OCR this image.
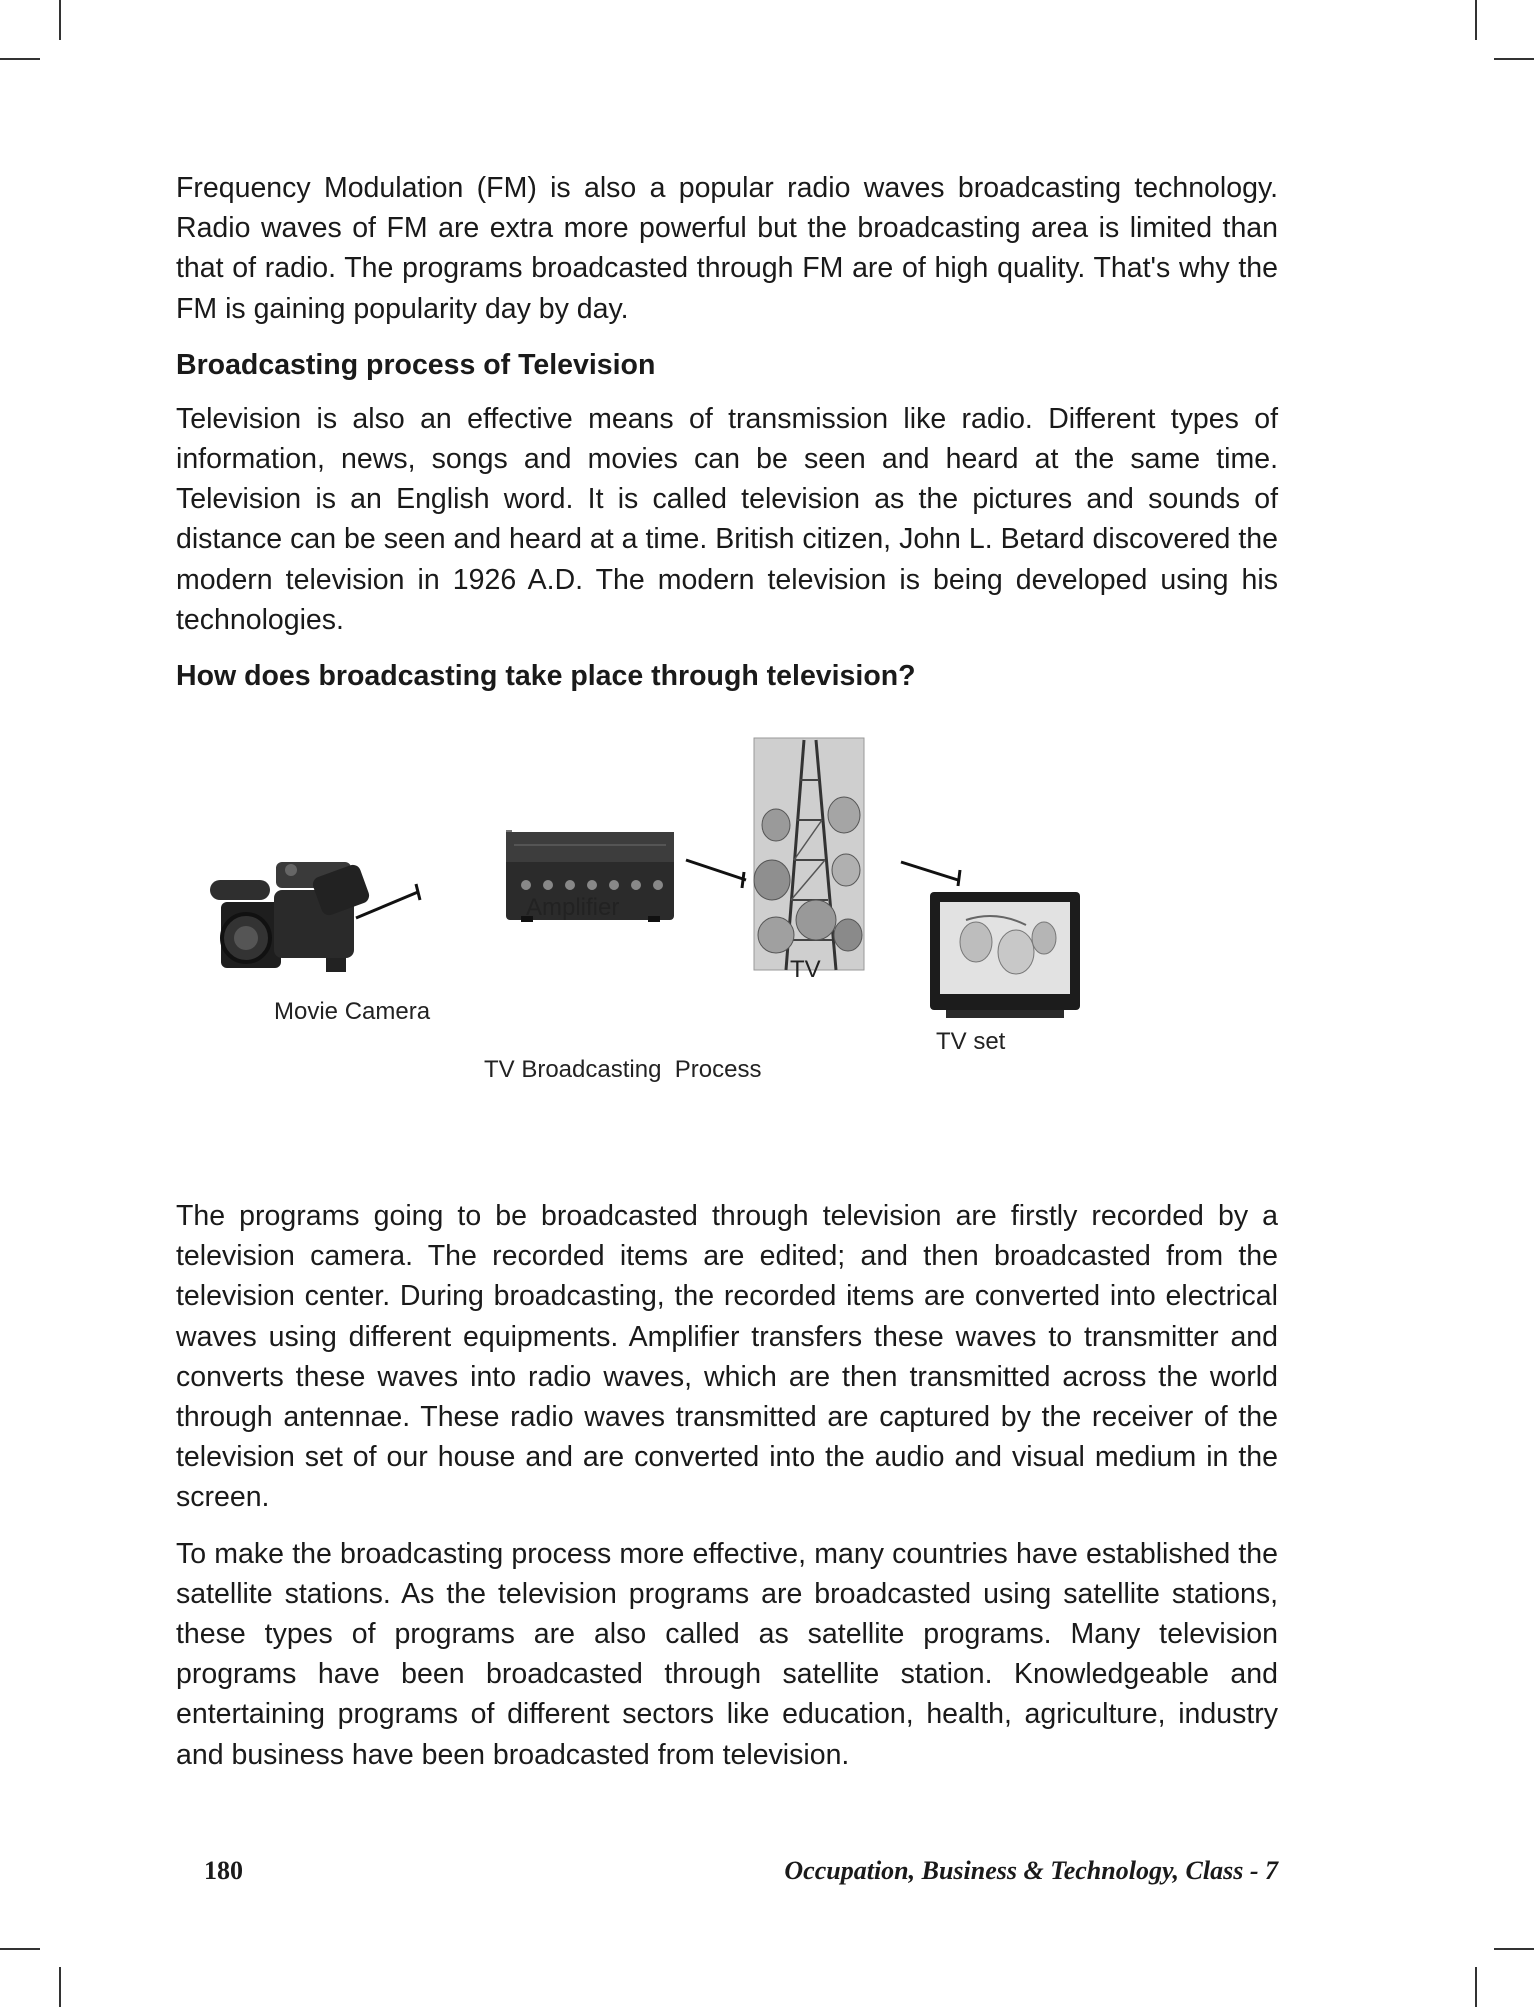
Frequency Modulation (FM) is also a popular radio waves broadcasting technology. Radio waves of FM are extra more powerful but the broadcasting area is limited than that of radio. The programs broadcasted through FM are of high quality. That's why the FM is gaining popularity day by day.

Broadcasting process of Television

Television is also an effective means of transmission like radio. Different types of information, news, songs and movies can be seen and heard at the same time. Television is an English word. It is called television as the pictures and sounds of distance can be seen and heard at a time. British citizen, John L. Betard discovered the modern television in 1926 A.D. The modern television is being developed using his technologies.

How does broadcasting take place through television?

Movie Camera
Amplifier
TV
TV set
TV Broadcasting  Process

The programs going to be broadcasted through television are firstly recorded by a television camera. The recorded items are edited; and then broadcasted from the television center. During broadcasting, the recorded items are converted into electrical waves using different equipments. Amplifier transfers these waves to transmitter and converts these waves into radio waves, which are then transmitted across the world through antennae. These radio waves transmitted are captured by the receiver of the television set of our house and are converted into the audio and visual medium in the screen.

To make the broadcasting process more effective, many countries have established the satellite stations. As the television programs are broadcasted using satellite stations, these types of programs are also called as satellite programs. Many television programs have been broadcasted through satellite station. Knowledgeable and entertaining programs of different sectors like education, health, agriculture, industry and business have been broadcasted from television.

180	Occupation, Business & Technology, Class - 7
